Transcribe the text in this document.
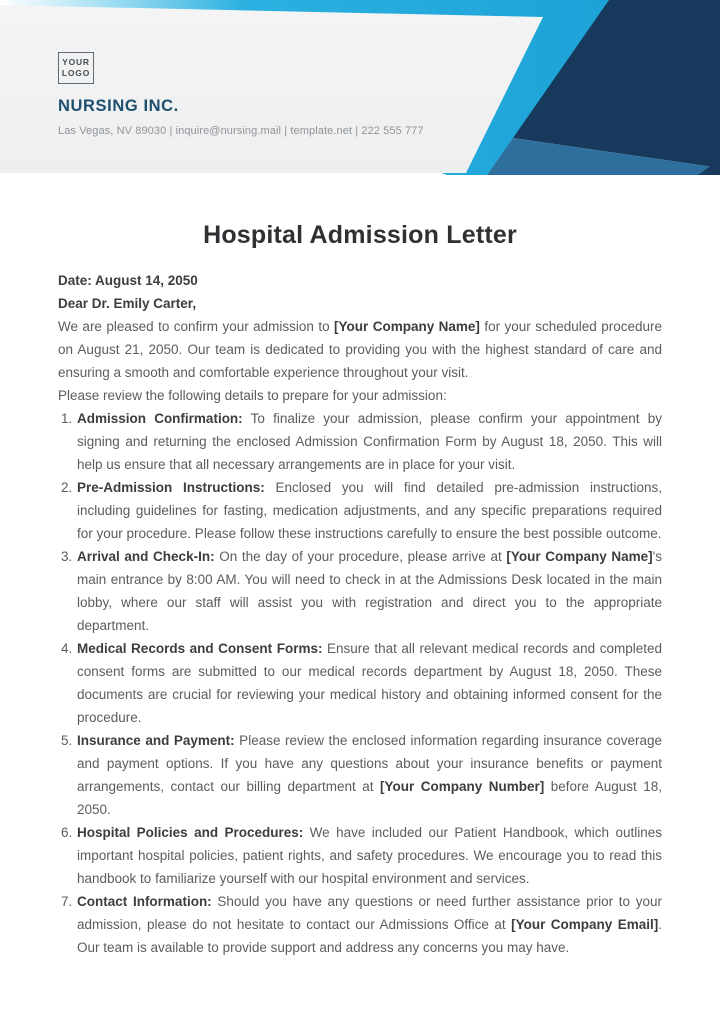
YOUR
LOGO
NURSING INC.
Las Vegas, NV 89030 | inquire@nursing.mail | template.net | 222 555 777
Hospital Admission Letter

Date: August 14, 2050

Dear Dr. Emily Carter,

We are pleased to confirm your admission to [Your Company Name] for your scheduled procedure on August 21, 2050. Our team is dedicated to providing you with the highest standard of care and ensuring a smooth and comfortable experience throughout your visit.

Please review the following details to prepare for your admission:

1. Admission Confirmation: To finalize your admission, please confirm your appointment by signing and returning the enclosed Admission Confirmation Form by August 18, 2050. This will help us ensure that all necessary arrangements are in place for your visit.
2. Pre-Admission Instructions: Enclosed you will find detailed pre-admission instructions, including guidelines for fasting, medication adjustments, and any specific preparations required for your procedure. Please follow these instructions carefully to ensure the best possible outcome.
3. Arrival and Check-In: On the day of your procedure, please arrive at [Your Company Name]'s main entrance by 8:00 AM. You will need to check in at the Admissions Desk located in the main lobby, where our staff will assist you with registration and direct you to the appropriate department.
4. Medical Records and Consent Forms: Ensure that all relevant medical records and completed consent forms are submitted to our medical records department by August 18, 2050. These documents are crucial for reviewing your medical history and obtaining informed consent for the procedure.
5. Insurance and Payment: Please review the enclosed information regarding insurance coverage and payment options. If you have any questions about your insurance benefits or payment arrangements, contact our billing department at [Your Company Number] before August 18, 2050.
6. Hospital Policies and Procedures: We have included our Patient Handbook, which outlines important hospital policies, patient rights, and safety procedures. We encourage you to read this handbook to familiarize yourself with our hospital environment and services.
7. Contact Information: Should you have any questions or need further assistance prior to your admission, please do not hesitate to contact our Admissions Office at [Your Company Email]. Our team is available to provide support and address any concerns you may have.
